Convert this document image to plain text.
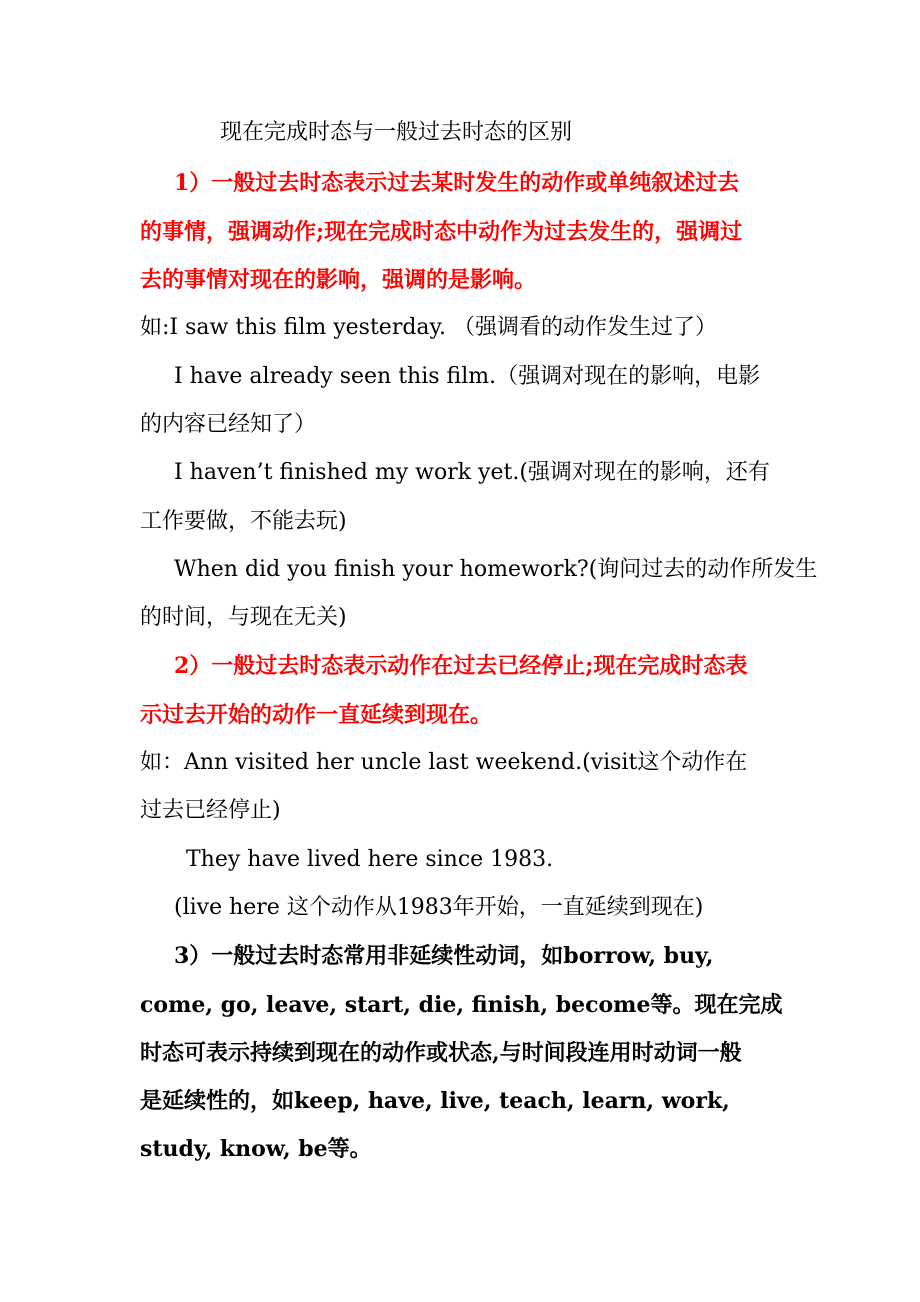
现在完成时态与一般过去时态的区别
1）一般过去时态表示过去某时发生的动作或单纯叙述过去
的事情，强调动作;现在完成时态中动作为过去发生的，强调过
去的事情对现在的影响，强调的是影响。
如:I saw this film yesterday. （强调看的动作发生过了）
I have already seen this film.（强调对现在的影响，电影
的内容已经知了）
I haven’t finished my work yet.(强调对现在的影响，还有
工作要做，不能去玩)
When did you finish your homework?(询问过去的动作所发生
的时间，与现在无关)
2）一般过去时态表示动作在过去已经停止;现在完成时态表
示过去开始的动作一直延续到现在。
如：Ann visited her uncle last weekend.(visit这个动作在
过去已经停止)
They have lived here since 1983.
(live here 这个动作从1983年开始，一直延续到现在)
3）一般过去时态常用非延续性动词，如borrow, buy,
come, go, leave, start, die, finish, become等。现在完成
时态可表示持续到现在的动作或状态,与时间段连用时动词一般
是延续性的，如keep, have, live, teach, learn, work,
study, know, be等。
